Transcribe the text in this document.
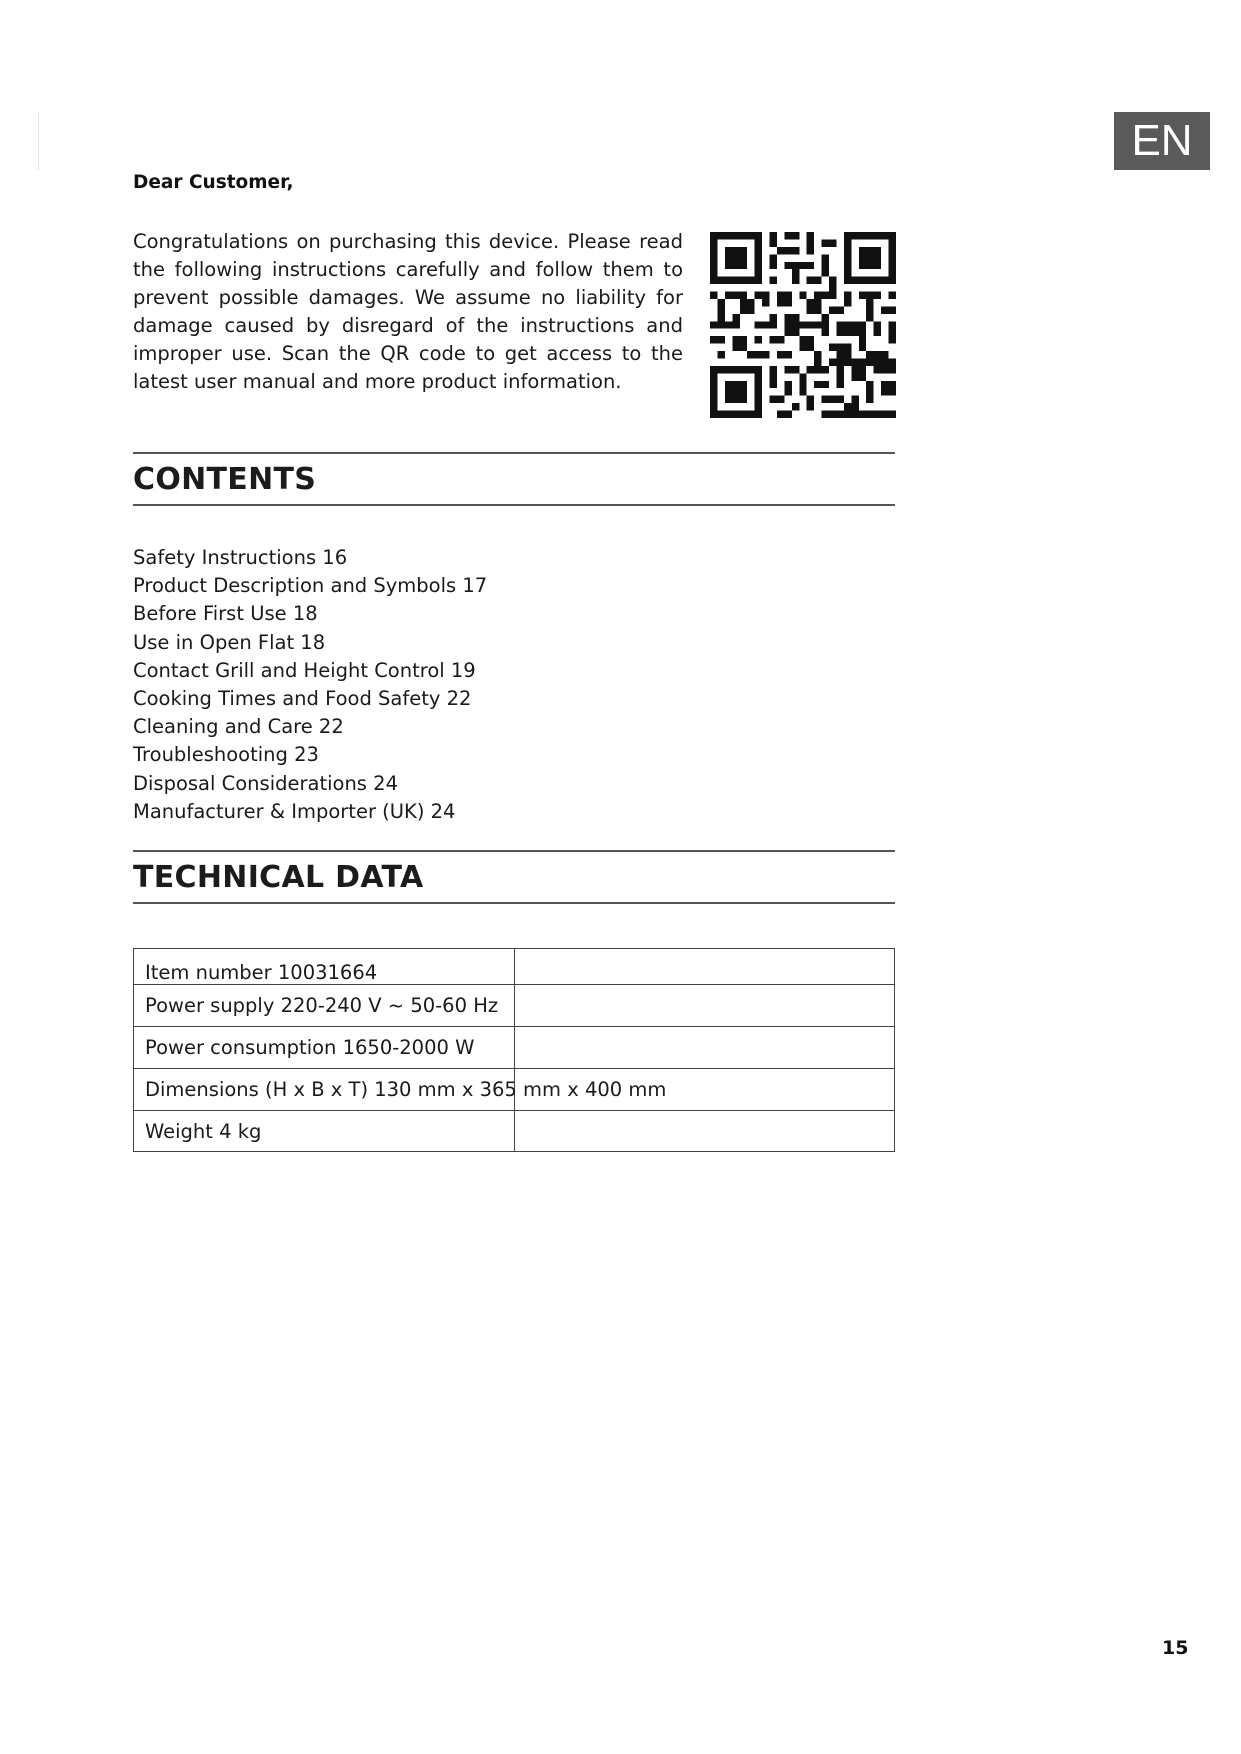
EN
Dear Customer,

Congratulations on purchasing this device. Please read the following instructions carefully and follow them to prevent possible damages. We assume no liability for damage caused by disregard of the instructions and improper use. Scan the QR code to get access to the latest user manual and more product information.

CONTENTS
Safety Instructions 16
Product Description and Symbols 17
Before First Use 18
Use in Open Flat 18
Contact Grill and Height Control 19
Cooking Times and Food Safety 22
Cleaning and Care 22
Troubleshooting 23
Disposal Considerations 24
Manufacturer & Importer (UK) 24
TECHNICAL DATA
Item number 10031664	
Power supply 220-240 V ~ 50-60 Hz	
Power consumption 1650-2000 W	
Dimensions (H x B x T) 130 mm x 365 mm x 400 mm	
Weight 4 kg	
15
